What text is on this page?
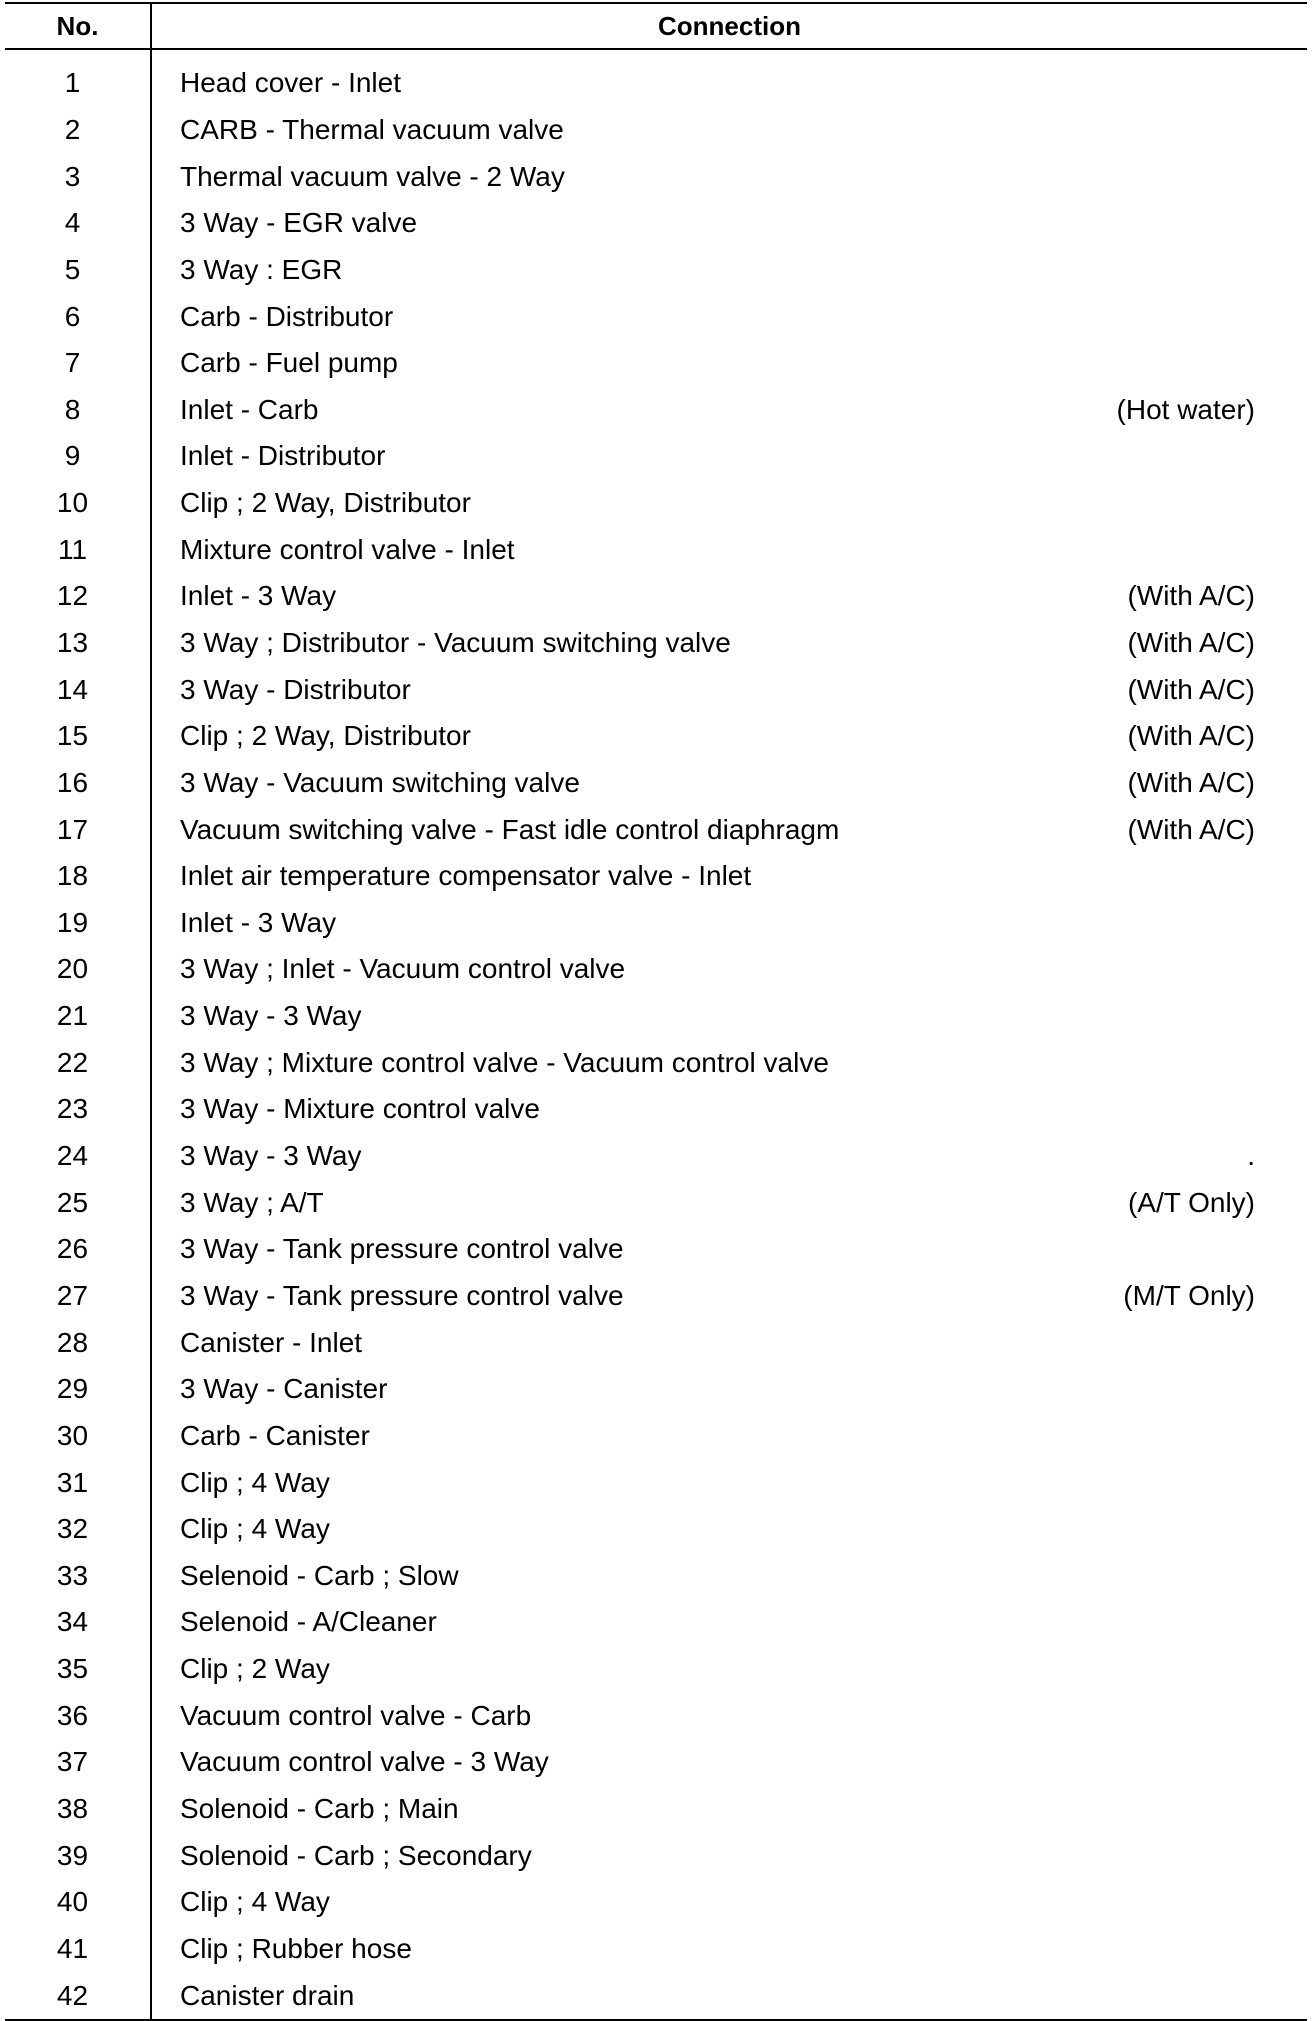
No.	Connection	
1	Head cover - Inlet	
2	CARB - Thermal vacuum valve	
3	Thermal vacuum valve - 2 Way	
4	3 Way - EGR valve	
5	3 Way : EGR	
6	Carb - Distributor	
7	Carb - Fuel pump	
8	Inlet - Carb	(Hot water)
9	Inlet - Distributor	
10	Clip ; 2 Way, Distributor	
11	Mixture control valve - Inlet	
12	Inlet - 3 Way	(With A/C)
13	3 Way ; Distributor - Vacuum switching valve	(With A/C)
14	3 Way - Distributor	(With A/C)
15	Clip ; 2 Way, Distributor	(With A/C)
16	3 Way - Vacuum switching valve	(With A/C)
17	Vacuum switching valve - Fast idle control diaphragm	(With A/C)
18	Inlet air temperature compensator valve - Inlet	
19	Inlet - 3 Way	
20	3 Way ; Inlet - Vacuum control valve	
21	3 Way - 3 Way	
22	3 Way ; Mixture control valve - Vacuum control valve	
23	3 Way - Mixture control valve	
24	3 Way - 3 Way	.
25	3 Way ; A/T	(A/T Only)
26	3 Way - Tank pressure control valve	
27	3 Way - Tank pressure control valve	(M/T Only)
28	Canister - Inlet	
29	3 Way - Canister	
30	Carb - Canister	
31	Clip ; 4 Way	
32	Clip ; 4 Way	
33	Selenoid - Carb ; Slow	
34	Selenoid - A/Cleaner	
35	Clip ; 2 Way	
36	Vacuum control valve - Carb	
37	Vacuum control valve - 3 Way	
38	Solenoid - Carb ; Main	
39	Solenoid - Carb ; Secondary	
40	Clip ; 4 Way	
41	Clip ; Rubber hose	
42	Canister drain	
